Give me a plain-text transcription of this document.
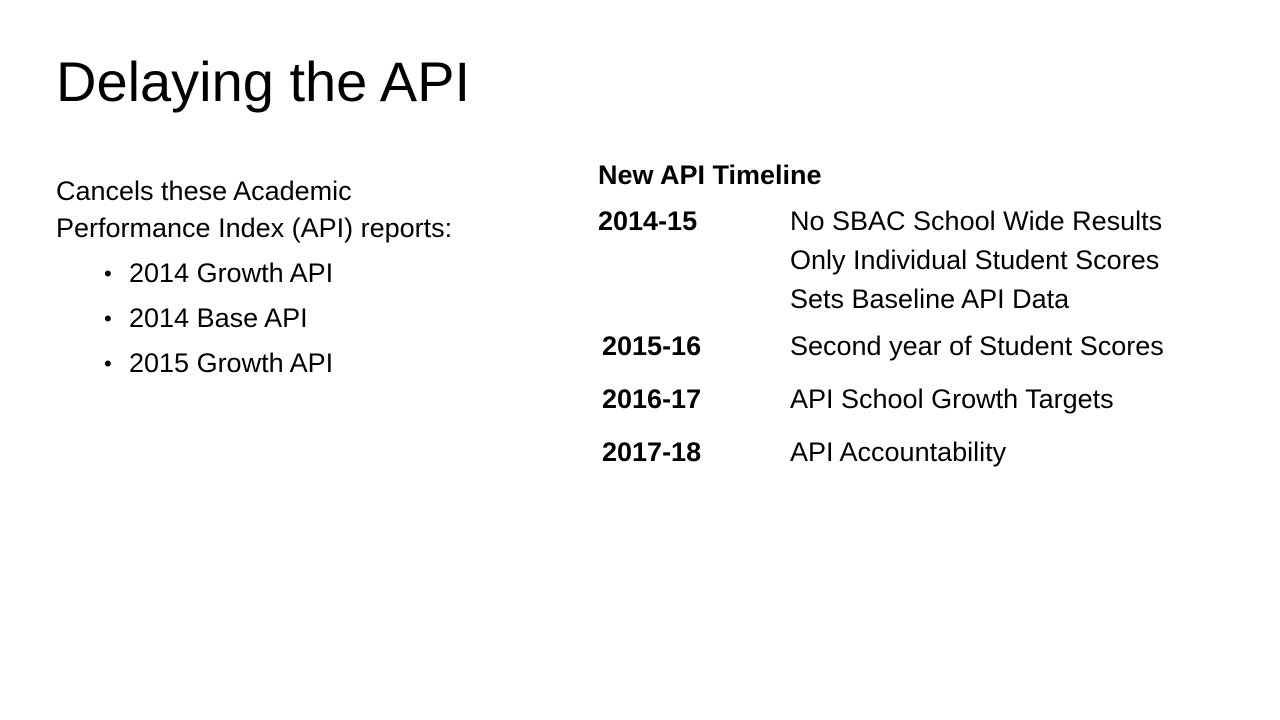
Delaying the API

Cancels these Academic Performance Index (API) reports:

• 2014 Growth API
• 2014 Base API
• 2015 Growth API
New API Timeline
2014-15	No SBAC School Wide Results
Only Individual Student Scores
Sets Baseline API Data
2015-16	Second year of Student Scores
2016-17	API School Growth Targets
2017-18	API Accountability
